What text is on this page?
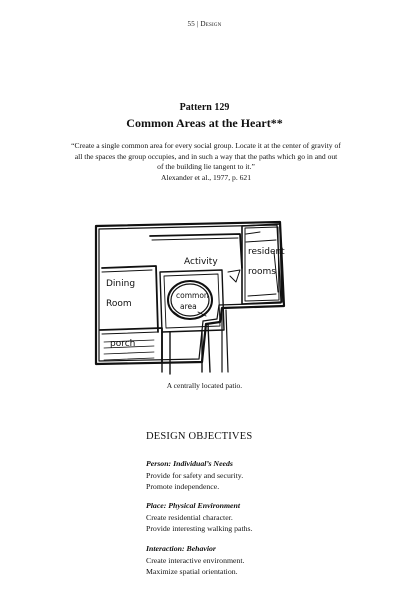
55 | Design
Pattern 129
Common Areas at the Heart**
“Create a single common area for every social group. Locate it at the center of gravity of all the spaces the group occupies, and in such a way that the paths which go in and out of the building lie tangent to it.”
Alexander et al., 1977, p. 621
Activity
resident
rooms
Dining
Room
common
area
porch
A centrally located patio.
DESIGN OBJECTIVES
Person: Individual’s Needs
Provide for safety and security.
Promote independence.
Place: Physical Environment
Create residential character.
Provide interesting walking paths.
Interaction: Behavior
Create interactive environment.
Maximize spatial orientation.
